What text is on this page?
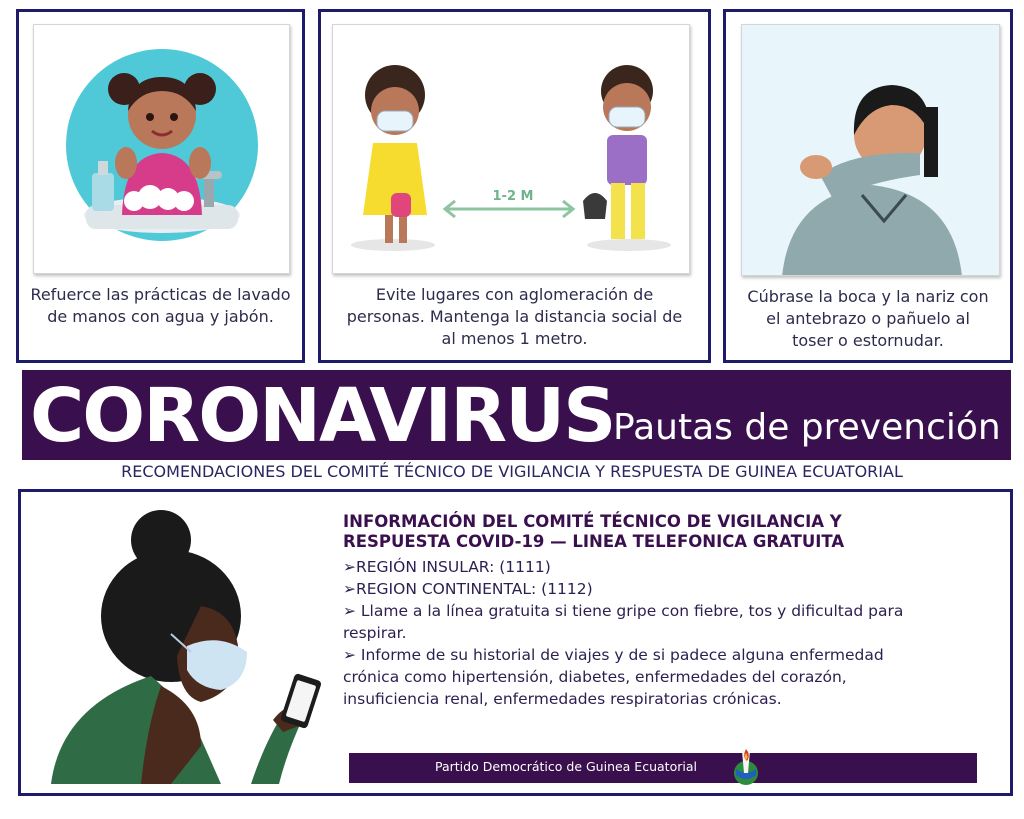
Refuerce las prácticas de lavado de manos con agua y jabón.
1-2 M
Evite lugares con aglomeración de personas. Mantenga la distancia social de al menos 1 metro.
Cúbrase la boca y la nariz con el antebrazo o pañuelo al toser o estornudar.
CORONAVIRUS
Pautas de prevención
RECOMENDACIONES DEL COMITÉ TÉCNICO DE VIGILANCIA Y RESPUESTA DE GUINEA ECUATORIAL
INFORMACIÓN DEL COMITÉ TÉCNICO DE VIGILANCIA Y RESPUESTA COVID-19 — LINEA TELEFONICA GRATUITA
➢REGIÓN INSULAR: (1111)
➢REGION CONTINENTAL: (1112)
➢ Llame a la línea gratuita si tiene gripe con fiebre, tos y dificultad para respirar.
➢ Informe de su historial de viajes y de si padece alguna enfermedad crónica como hipertensión, diabetes, enfermedades del corazón, insuficiencia renal, enfermedades respiratorias crónicas.
Partido Democrático de Guinea Ecuatorial
